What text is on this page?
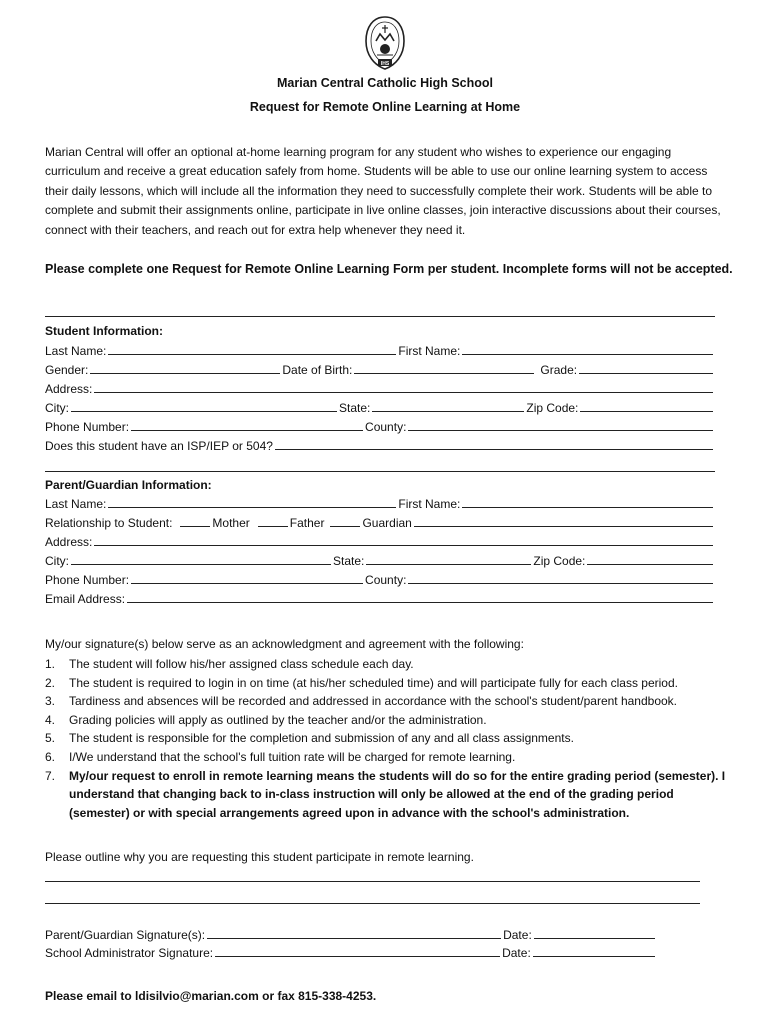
IHS
Marian Central Catholic High School
Request for Remote Online Learning at Home
Marian Central will offer an optional at-home learning program for any student who wishes to experience our engaging curriculum and receive a great education safely from home. Students will be able to use our online learning system to access their daily lessons, which will include all the information they need to successfully complete their work. Students will be able to complete and submit their assignments online, participate in live online classes, join interactive discussions about their courses, connect with their teachers, and reach out for extra help whenever they need it.
Please complete one Request for Remote Online Learning Form per student. Incomplete forms will not be accepted.
Student Information:
Last Name:	First Name:
Gender:	Date of Birth:	Grade:
Address:
City:	State:	Zip Code:
Phone Number:	County:
Does this student have an ISP/IEP or 504?
Parent/Guardian Information:
Last Name:	First Name:
Relationship to Student:	Mother	Father	Guardian
Address:
City:	State:	Zip Code:
Phone Number:	County:
Email Address:
My/our signature(s) below serve as an acknowledgment and agreement with the following:
1.	The student will follow his/her assigned class schedule each day.
2.	The student is required to login in on time (at his/her scheduled time) and will participate fully for each class period.
3.	Tardiness and absences will be recorded and addressed in accordance with the school's student/parent handbook.
4.	Grading policies will apply as outlined by the teacher and/or the administration.
5.	The student is responsible for the completion and submission of any and all class assignments.
6.	I/We understand that the school's full tuition rate will be charged for remote learning.
7.	My/our request to enroll in remote learning means the students will do so for the entire grading period (semester). I understand that changing back to in-class instruction will only be allowed at the end of the grading period (semester) or with special arrangements agreed upon in advance with the school's administration.
Please outline why you are requesting this student participate in remote learning.
Parent/Guardian Signature(s):	Date:
School Administrator Signature:	Date:
Please email to ldisilvio@marian.com or fax 815-338-4253.
